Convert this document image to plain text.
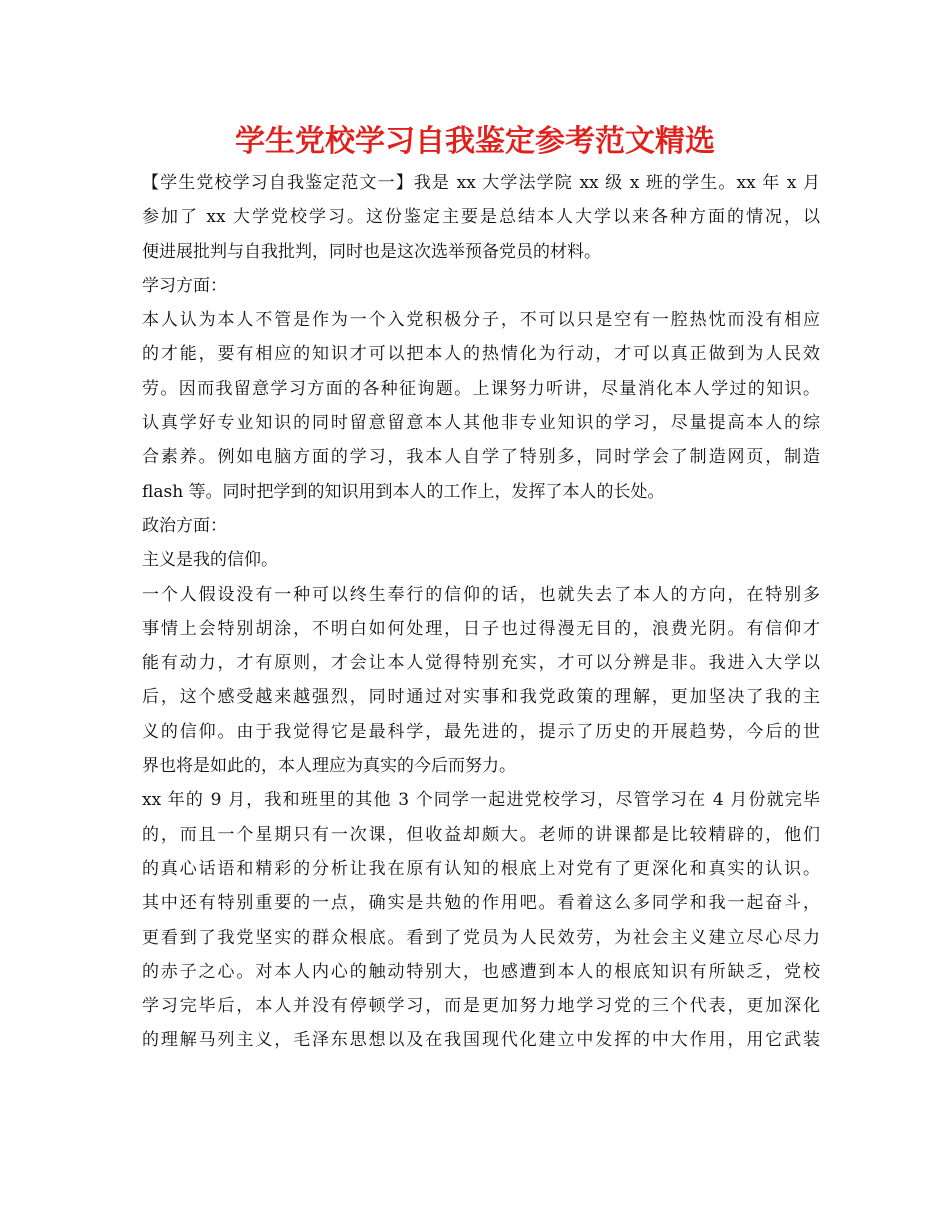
学生党校学习自我鉴定参考范文精选
【学生党校学习自我鉴定范文一】我是 xx 大学法学院 xx 级 x 班的学生。xx 年 x 月
参加了 xx 大学党校学习。这份鉴定主要是总结本人大学以来各种方面的情况，以
便进展批判与自我批判，同时也是这次选举预备党员的材料。
学习方面：
本人认为本人不管是作为一个入党积极分子，不可以只是空有一腔热忱而没有相应
的才能，要有相应的知识才可以把本人的热情化为行动，才可以真正做到为人民效
劳。因而我留意学习方面的各种征询题。上课努力听讲，尽量消化本人学过的知识。
认真学好专业知识的同时留意留意本人其他非专业知识的学习，尽量提高本人的综
合素养。例如电脑方面的学习，我本人自学了特别多，同时学会了制造网页，制造
flash 等。同时把学到的知识用到本人的工作上，发挥了本人的长处。
政治方面：
主义是我的信仰。
一个人假设没有一种可以终生奉行的信仰的话，也就失去了本人的方向，在特别多
事情上会特别胡涂，不明白如何处理，日子也过得漫无目的，浪费光阴。有信仰才
能有动力，才有原则，才会让本人觉得特别充实，才可以分辨是非。我进入大学以
后，这个感受越来越强烈，同时通过对实事和我党政策的理解，更加坚决了我的主
义的信仰。由于我觉得它是最科学，最先进的，提示了历史的开展趋势，今后的世
界也将是如此的，本人理应为真实的今后而努力。
xx 年的 9 月，我和班里的其他 3 个同学一起进党校学习，尽管学习在 4 月份就完毕
的，而且一个星期只有一次课，但收益却颇大。老师的讲课都是比较精辟的，他们
的真心话语和精彩的分析让我在原有认知的根底上对党有了更深化和真实的认识。
其中还有特别重要的一点，确实是共勉的作用吧。看着这么多同学和我一起奋斗，
更看到了我党坚实的群众根底。看到了党员为人民效劳，为社会主义建立尽心尽力
的赤子之心。对本人内心的触动特别大，也感遭到本人的根底知识有所缺乏，党校
学习完毕后，本人并没有停顿学习，而是更加努力地学习党的三个代表，更加深化
的理解马列主义，毛泽东思想以及在我国现代化建立中发挥的中大作用，用它武装
